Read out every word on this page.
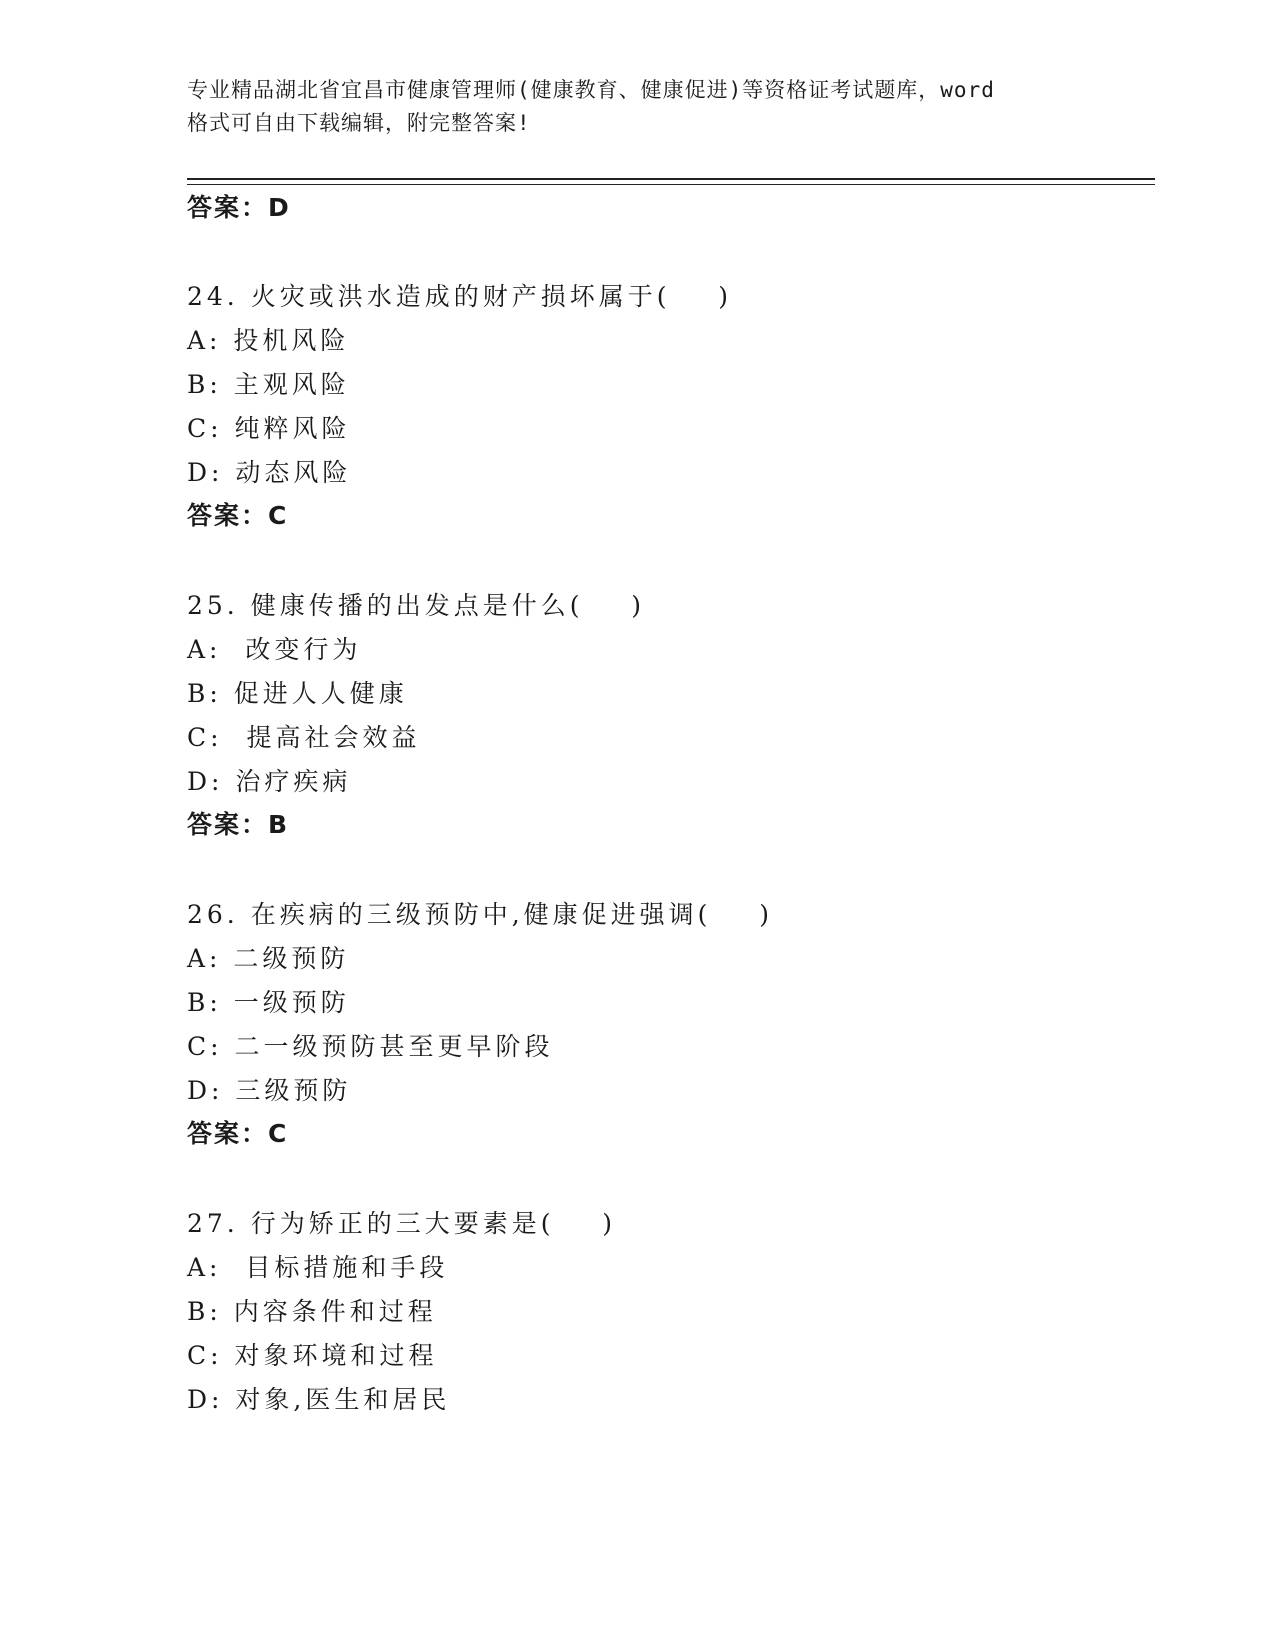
专业精品湖北省宜昌市健康管理师(健康教育、健康促进)等资格证考试题库，word
格式可自由下载编辑，附完整答案!
答案：D
24. 火灾或洪水造成的财产损坏属于(    )
A: 投机风险
B: 主观风险
C: 纯粹风险
D: 动态风险
答案：C
25. 健康传播的出发点是什么(    )
A:  改变行为
B: 促进人人健康
C:  提高社会效益
D: 治疗疾病
答案：B
26. 在疾病的三级预防中,健康促进强调(    )
A: 二级预防
B: 一级预防
C: 二一级预防甚至更早阶段
D: 三级预防
答案：C
27. 行为矫正的三大要素是(    )
A:  目标措施和手段
B: 内容条件和过程
C: 对象环境和过程
D: 对象,医生和居民
